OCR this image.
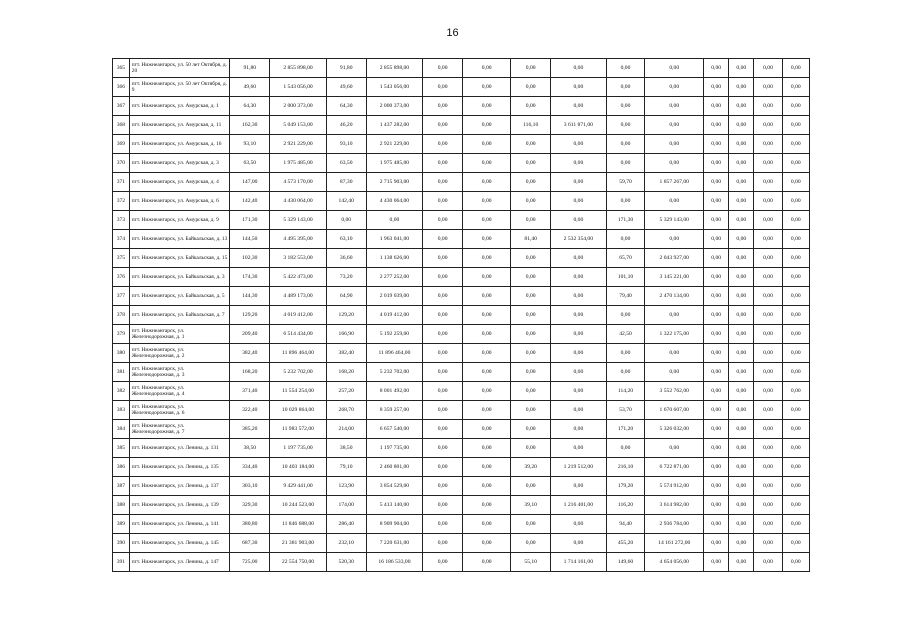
16
365	пгт. Нижнеангарск, ул. 50 лет Октября, д. 20	91,80	2 855 898,00	91,80	2 855 898,00	0,00	0,00	0,00	0,00	0,00	0,00	0,00	0,00	0,00	0,00
366	пгт. Нижнеангарск, ул. 50 лет Октября, д. 9	49,60	1 543 056,00	49,60	1 543 056,00	0,00	0,00	0,00	0,00	0,00	0,00	0,00	0,00	0,00	0,00
367	пгт. Нижнеангарск, ул. Амурская, д. 1	64,30	2 000 373,00	64,30	2 000 373,00	0,00	0,00	0,00	0,00	0,00	0,00	0,00	0,00	0,00	0,00
368	пгт. Нижнеангарск, ул. Амурская, д. 11	162,30	5 049 153,00	46,20	1 437 282,00	0,00	0,00	116,10	3 611 871,00	0,00	0,00	0,00	0,00	0,00	0,00
369	пгт. Нижнеангарск, ул. Амурская, д. 16	93,10	2 921 229,00	93,10	2 921 229,00	0,00	0,00	0,00	0,00	0,00	0,00	0,00	0,00	0,00	0,00
370	пгт. Нижнеангарск, ул. Амурская, д. 3	63,50	1 975 485,00	63,50	1 975 485,00	0,00	0,00	0,00	0,00	0,00	0,00	0,00	0,00	0,00	0,00
371	пгт. Нижнеангарск, ул. Амурская, д. 4	147,00	4 573 170,00	87,30	2 715 903,00	0,00	0,00	0,00	0,00	59,70	1 857 267,00	0,00	0,00	0,00	0,00
372	пгт. Нижнеангарск, ул. Амурская, д. 6	142,40	4 430 064,00	142,40	4 430 064,00	0,00	0,00	0,00	0,00	0,00	0,00	0,00	0,00	0,00	0,00
373	пгт. Нижнеангарск, ул. Амурская, д. 9	171,30	5 329 143,00	0,00	0,00	0,00	0,00	0,00	0,00	171,30	5 329 143,00	0,00	0,00	0,00	0,00
374	пгт. Нижнеангарск, ул. Байкальская, д. 13	144,50	4 495 395,00	63,10	1 963 041,00	0,00	0,00	81,40	2 532 354,00	0,00	0,00	0,00	0,00	0,00	0,00
375	пгт. Нижнеангарск, ул. Байкальская, д. 15	102,30	3 182 553,00	36,60	1 138 626,00	0,00	0,00	0,00	0,00	65,70	2 043 927,00	0,00	0,00	0,00	0,00
376	пгт. Нижнеангарск, ул. Байкальская, д. 3	174,30	5 422 473,00	73,20	2 277 252,00	0,00	0,00	0,00	0,00	101,10	3 145 221,00	0,00	0,00	0,00	0,00
377	пгт. Нижнеангарск, ул. Байкальская, д. 5	144,30	4 489 173,00	64,90	2 019 039,00	0,00	0,00	0,00	0,00	79,40	2 470 134,00	0,00	0,00	0,00	0,00
378	пгт. Нижнеангарск, ул. Байкальская, д. 7	129,20	4 019 412,00	129,20	4 019 412,00	0,00	0,00	0,00	0,00	0,00	0,00	0,00	0,00	0,00	0,00
379	пгт. Нижнеангарск, ул. Железнодорожная, д. 1	209,40	6 514 434,00	166,90	5 192 259,00	0,00	0,00	0,00	0,00	42,50	1 322 175,00	0,00	0,00	0,00	0,00
380	пгт. Нижнеангарск, ул. Железнодорожная, д. 2	382,40	11 896 464,00	382,40	11 896 464,00	0,00	0,00	0,00	0,00	0,00	0,00	0,00	0,00	0,00	0,00
381	пгт. Нижнеангарск, ул. Железнодорожная, д. 3	168,20	5 232 702,00	168,20	5 232 702,00	0,00	0,00	0,00	0,00	0,00	0,00	0,00	0,00	0,00	0,00
382	пгт. Нижнеангарск, ул. Железнодорожная, д. 4	371,40	11 554 254,00	257,20	8 001 492,00	0,00	0,00	0,00	0,00	114,20	3 552 762,00	0,00	0,00	0,00	0,00
383	пгт. Нижнеангарск, ул. Железнодорожная, д. 6	322,40	10 029 864,00	268,70	8 359 257,00	0,00	0,00	0,00	0,00	53,70	1 670 607,00	0,00	0,00	0,00	0,00
384	пгт. Нижнеангарск, ул. Железнодорожная, д. 7	385,20	11 983 572,00	214,00	6 657 540,00	0,00	0,00	0,00	0,00	171,20	5 326 032,00	0,00	0,00	0,00	0,00
385	пгт. Нижнеангарск, ул. Ленина, д. 131	38,50	1 197 735,00	38,50	1 197 735,00	0,00	0,00	0,00	0,00	0,00	0,00	0,00	0,00	0,00	0,00
386	пгт. Нижнеангарск, ул. Ленина, д. 135	334,40	10 403 184,00	79,10	2 460 801,00	0,00	0,00	39,20	1 219 512,00	216,10	6 722 871,00	0,00	0,00	0,00	0,00
387	пгт. Нижнеангарск, ул. Ленина, д. 137	303,10	9 429 441,00	123,90	3 854 529,00	0,00	0,00	0,00	0,00	179,20	5 574 912,00	0,00	0,00	0,00	0,00
388	пгт. Нижнеангарск, ул. Ленина, д. 139	329,30	10 244 523,00	174,00	5 413 140,00	0,00	0,00	39,10	1 216 401,00	116,20	3 614 982,00	0,00	0,00	0,00	0,00
389	пгт. Нижнеангарск, ул. Ленина, д. 141	380,80	11 846 688,00	286,40	8 909 904,00	0,00	0,00	0,00	0,00	94,40	2 936 784,00	0,00	0,00	0,00	0,00
390	пгт. Нижнеангарск, ул. Ленина, д. 145	687,30	21 381 903,00	232,10	7 220 631,00	0,00	0,00	0,00	0,00	455,20	14 161 272,00	0,00	0,00	0,00	0,00
391	пгт. Нижнеангарск, ул. Ленина, д. 147	725,00	22 554 750,00	520,30	16 186 533,00	0,00	0,00	55,10	1 714 161,00	149,60	4 654 056,00	0,00	0,00	0,00	0,00
